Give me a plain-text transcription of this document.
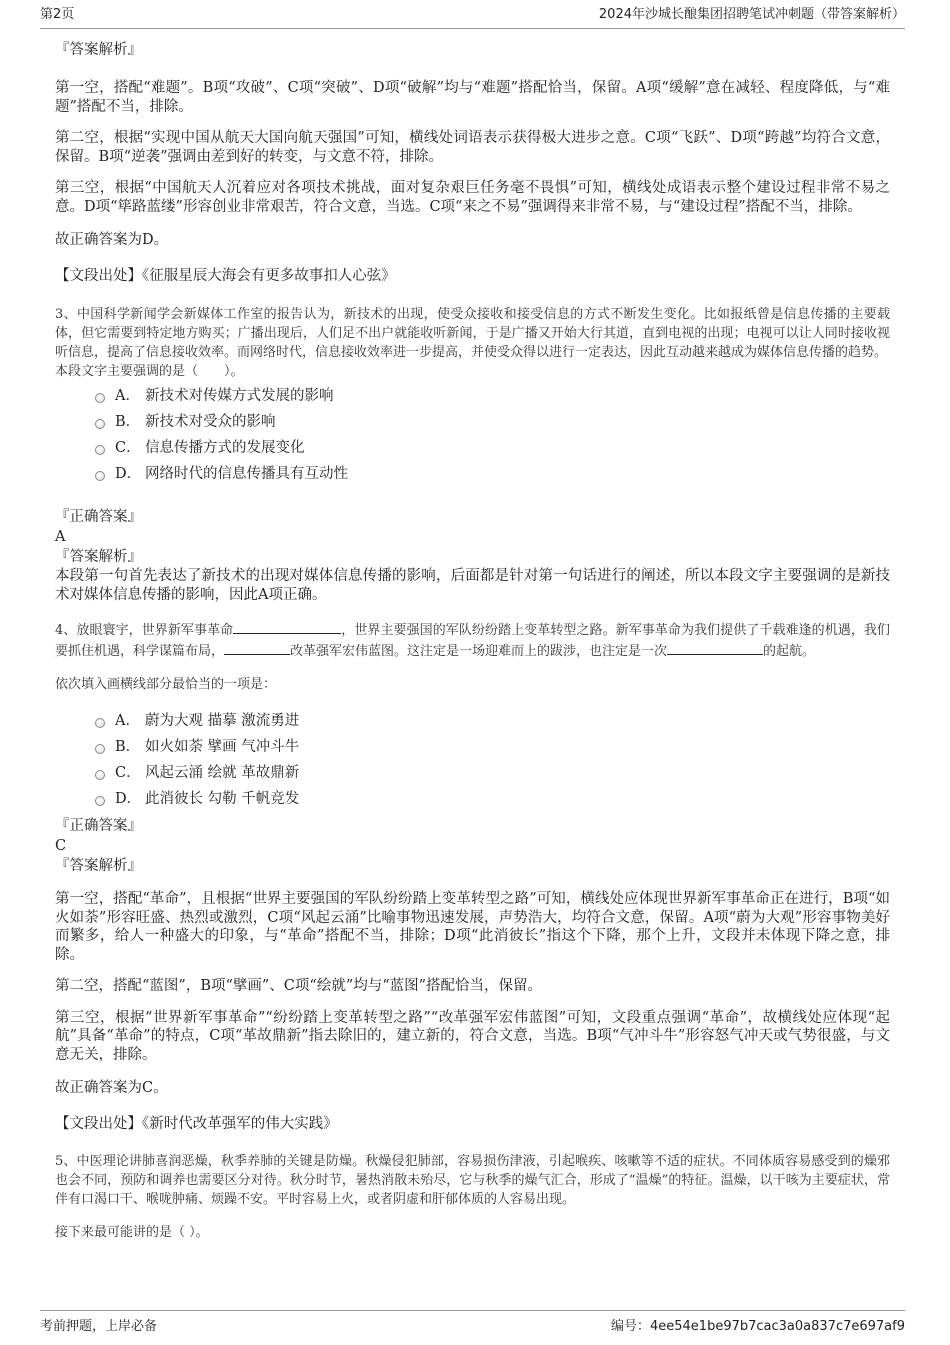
第2页	2024年沙城长酿集团招聘笔试冲刺题（带答案解析）
『答案解析』

第一空，搭配“难题”。B项“攻破”、C项“突破”、D项“破解”均与“难题”搭配恰当，保留。A项“缓解”意在减轻、程度降低，与“难题”搭配不当，排除。

第二空，根据“实现中国从航天大国向航天强国”可知，横线处词语表示获得极大进步之意。C项“飞跃”、D项“跨越”均符合文意，保留。B项“逆袭”强调由差到好的转变，与文意不符，排除。

第三空，根据“中国航天人沉着应对各项技术挑战，面对复杂艰巨任务毫不畏惧”可知，横线处成语表示整个建设过程非常不易之意。D项“筚路蓝缕”形容创业非常艰苦，符合文意，当选。C项“来之不易”强调得来非常不易，与“建设过程”搭配不当，排除。

故正确答案为D。

【文段出处】《征服星辰大海会有更多故事扣人心弦》

3、中国科学新闻学会新媒体工作室的报告认为，新技术的出现，使受众接收和接受信息的方式不断发生变化。比如报纸曾是信息传播的主要载体，但它需要到特定地方购买；广播出现后，人们足不出户就能收听新闻，于是广播又开始大行其道，直到电视的出现；电视可以让人同时接收视听信息，提高了信息接收效率。而网络时代，信息接收效率进一步提高，并使受众得以进行一定表达，因此互动越来越成为媒体信息传播的趋势。

本段文字主要强调的是（　　）。

A． 新技术对传媒方式发展的影响
B． 新技术对受众的影响
C． 信息传播方式的发展变化
D． 网络时代的信息传播具有互动性
『正确答案』
A
『答案解析』

本段第一句首先表达了新技术的出现对媒体信息传播的影响，后面都是针对第一句话进行的阐述，所以本段文字主要强调的是新技术对媒体信息传播的影响，因此A项正确。

4、放眼寰宇，世界新军事革命	，世界主要强国的军队纷纷踏上变革转型之路。新军事革命为我们提供了千载难逢的机遇，我们要抓住机遇，科学谋篇布局，	改革强军宏伟蓝图。这注定是一场迎难而上的跋涉，也注定是一次	的起航。

依次填入画横线部分最恰当的一项是：

A． 蔚为大观 描摹 激流勇进
B． 如火如荼 擘画 气冲斗牛
C． 风起云涌 绘就 革故鼎新
D． 此消彼长 勾勒 千帆竞发
『正确答案』
C
『答案解析』

第一空，搭配“革命”，且根据“世界主要强国的军队纷纷踏上变革转型之路”可知，横线处应体现世界新军事革命正在进行，B项“如火如荼”形容旺盛、热烈或激烈，C项“风起云涌”比喻事物迅速发展，声势浩大，均符合文意，保留。A项“蔚为大观”形容事物美好而繁多，给人一种盛大的印象，与“革命”搭配不当，排除；D项“此消彼长”指这个下降，那个上升，文段并未体现下降之意，排除。

第二空，搭配“蓝图”，B项“擘画”、C项“绘就”均与“蓝图”搭配恰当，保留。

第三空，根据“世界新军事革命”“纷纷踏上变革转型之路”“改革强军宏伟蓝图”可知，文段重点强调“革命”，故横线处应体现“起航”具备“革命”的特点，C项“革故鼎新”指去除旧的，建立新的，符合文意，当选。B项“气冲斗牛”形容怒气冲天或气势很盛，与文意无关，排除。

故正确答案为C。

【文段出处】《新时代改革强军的伟大实践》

5、中医理论讲肺喜润恶燥，秋季养肺的关键是防燥。秋燥侵犯肺部，容易损伤津液，引起喉疾、咳嗽等不适的症状。不同体质容易感受到的燥邪也会不同，预防和调养也需要区分对待。秋分时节，暑热消散未殆尽，它与秋季的燥气汇合，形成了“温燥”的特征。温燥，以干咳为主要症状，常伴有口渴口干、喉咙肿痛、烦躁不安。平时容易上火，或者阴虚和肝郁体质的人容易出现。

接下来最可能讲的是（ ）。

考前押题，上岸必备	编号：4ee54e1be97b7cac3a0a837c7e697af9
